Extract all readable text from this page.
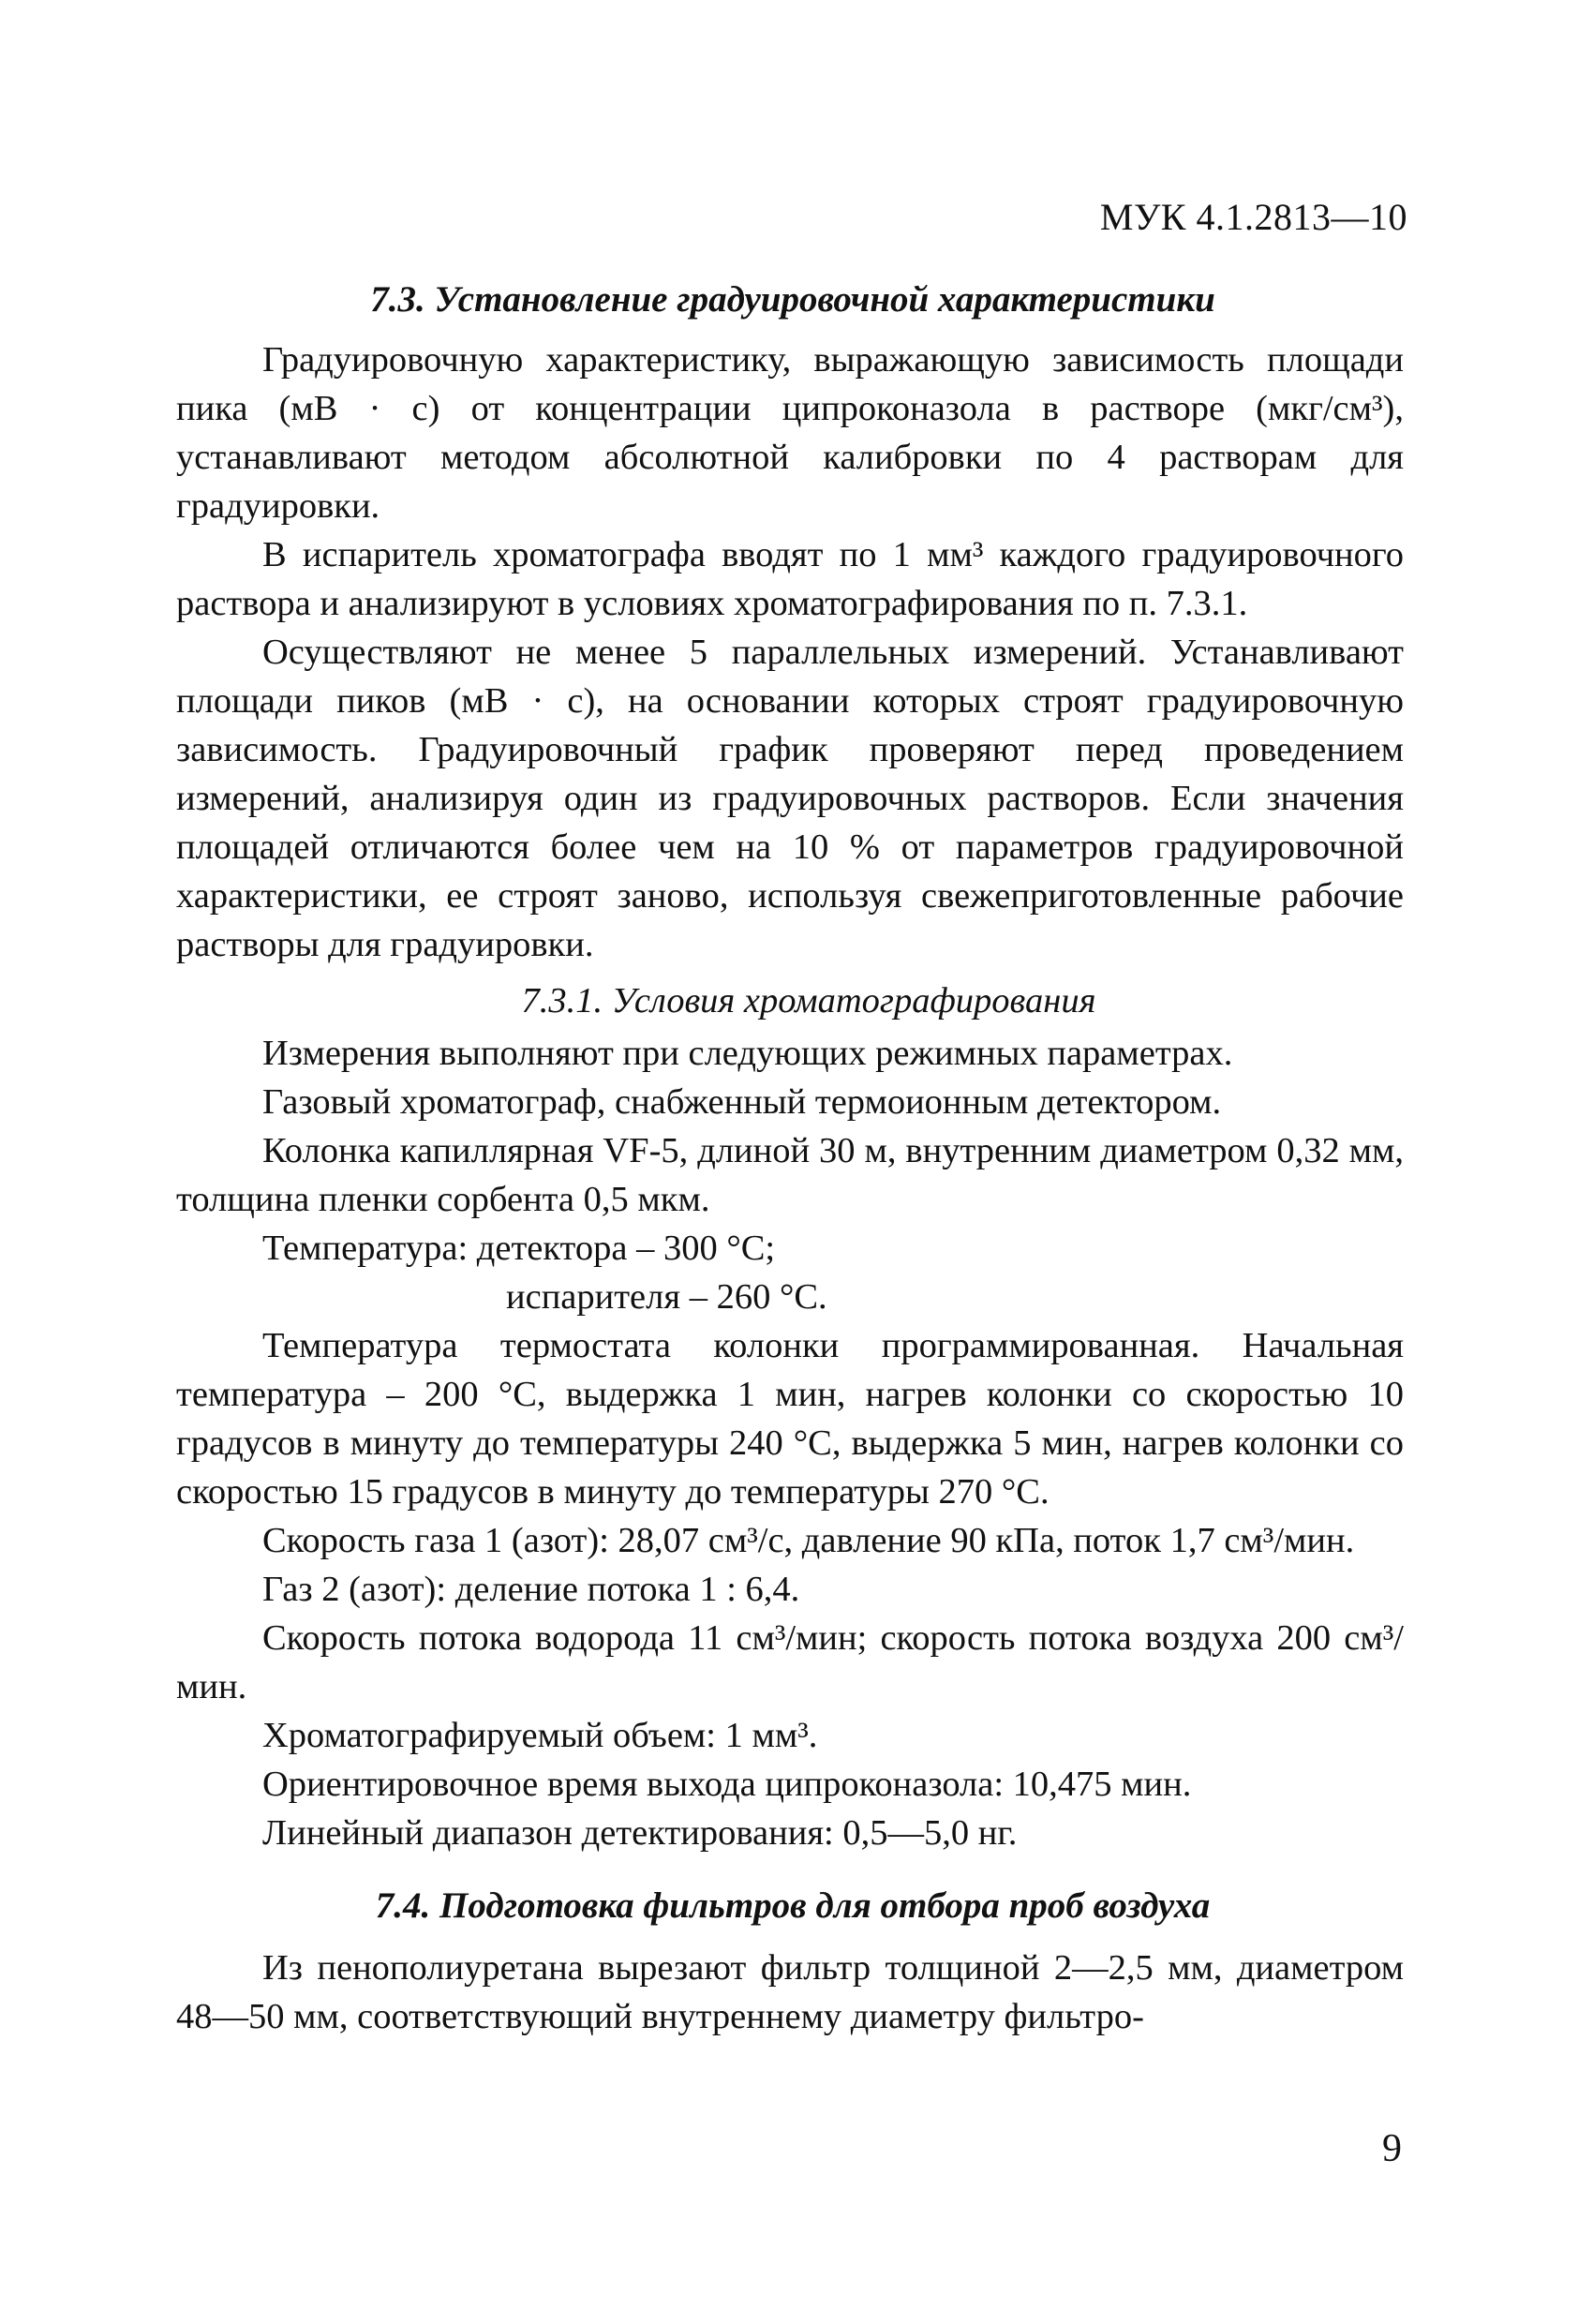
МУК 4.1.2813—10
7.3. Установление градуировочной характеристики

Градуировочную характеристику, выражающую зависимость площади пика (мВ · с) от концентрации ципроконазола в растворе (мкг/см³), устанавливают методом абсолютной калибровки по 4 растворам для градуировки.

В испаритель хроматографа вводят по 1 мм³ каждого градуировочного раствора и анализируют в условиях хроматографирования по п. 7.3.1.

Осуществляют не менее 5 параллельных измерений. Устанавливают площади пиков (мВ · с), на основании которых строят градуировочную зависимость. Градуировочный график проверяют перед проведением измерений, анализируя один из градуировочных растворов. Если значения площадей отличаются более чем на 10 % от параметров градуировочной характеристики, ее строят заново, используя свежеприготовленные рабочие растворы для градуировки.

7.3.1. Условия хроматографирования

Измерения выполняют при следующих режимных параметрах.

Газовый хроматограф, снабженный термоионным детектором.

Колонка капиллярная VF-5, длиной 30 м, внутренним диаметром 0,32 мм, толщина пленки сорбента 0,5 мкм.

Температура: детектора – 300 °С;

испарителя – 260 °С.

Температура термостата колонки программированная. Начальная температура – 200 °С, выдержка 1 мин, нагрев колонки со скоростью 10 градусов в минуту до температуры 240 °С, выдержка 5 мин, нагрев колонки со скоростью 15 градусов в минуту до температуры 270 °С.

Скорость газа 1 (азот): 28,07 см³/с, давление 90 кПа, поток 1,7 см³/мин.

Газ 2 (азот): деление потока 1 : 6,4.

Скорость потока водорода 11 см³/мин; скорость потока воздуха 200 см³/мин.

Хроматографируемый объем: 1 мм³.

Ориентировочное время выхода ципроконазола: 10,475 мин.

Линейный диапазон детектирования: 0,5—5,0 нг.

7.4. Подготовка фильтров для отбора проб воздуха

Из пенополиуретана вырезают фильтр толщиной 2—2,5 мм, диаметром 48—50 мм, соответствующий внутреннему диаметру фильтро-

9
